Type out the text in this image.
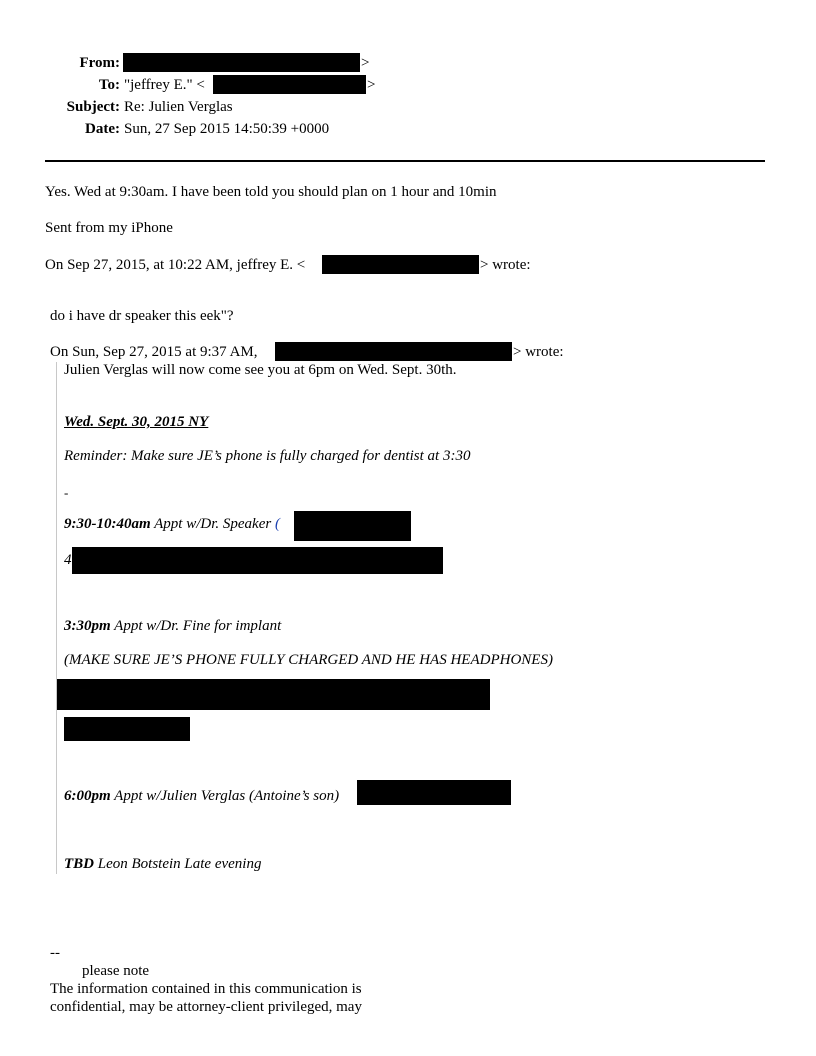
From:	>
To: "jeffrey E." <	>
Subject: Re: Julien Verglas
Date: Sun, 27 Sep 2015 14:50:39 +0000
Yes. Wed at 9:30am. I have been told you should plan on 1 hour and 10min
Sent from my iPhone
On Sep 27, 2015, at 10:22 AM, jeffrey E. <	> wrote:
do i have dr speaker this eek"?
On Sun, Sep 27, 2015 at 9:37 AM,	> wrote:
Julien Verglas will now come see you at 6pm on Wed. Sept. 30th.
Wed. Sept. 30, 2015 NY
Reminder: Make sure JE’s phone is fully charged for dentist at 3:30
-
9:30-10:40am Appt w/Dr. Speaker (
4
3:30pm Appt w/Dr. Fine for implant
(MAKE SURE JE’S PHONE FULLY CHARGED AND HE HAS HEADPHONES)
6:00pm Appt w/Julien Verglas (Antoine’s son)
TBD Leon Botstein Late evening
--
please note
The information contained in this communication is
confidential, may be attorney-client privileged, may
